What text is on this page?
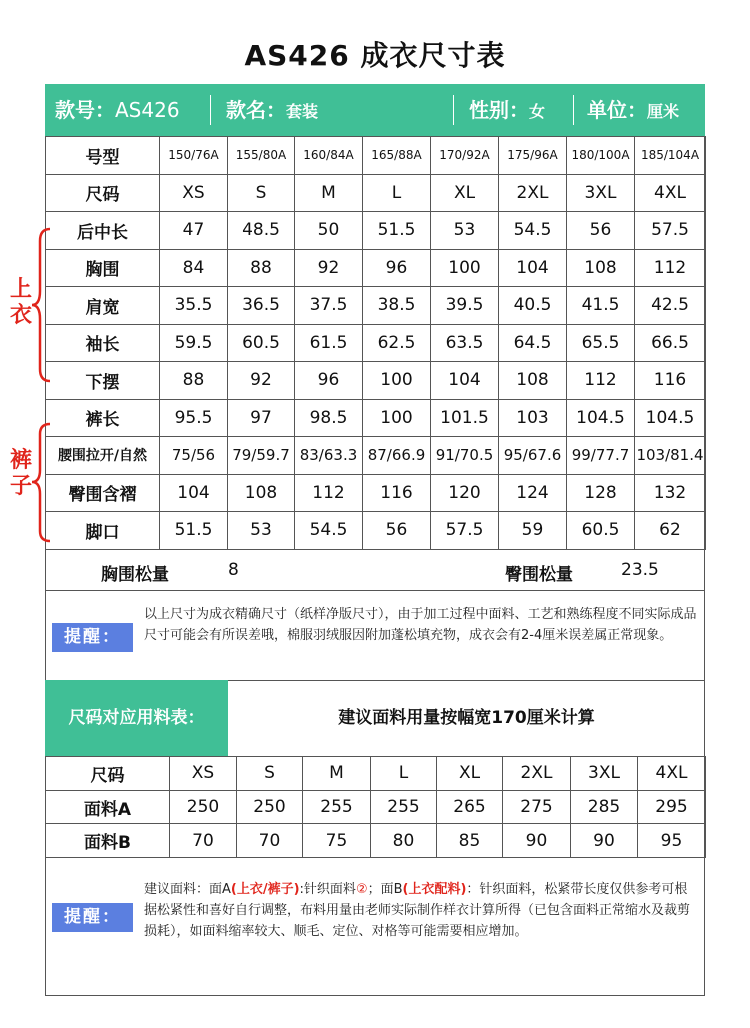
AS426 成衣尺寸表
款号：AS426 款名：套装	性别：女 单位：厘米
号型	150/76A	155/80A	160/84A	165/88A	170/92A	175/96A	180/100A	185/104A
尺码	XS	S	M	L	XL	2XL	3XL	4XL
后中长	47	48.5	50	51.5	53	54.5	56	57.5
胸围	84	88	92	96	100	104	108	112
肩宽	35.5	36.5	37.5	38.5	39.5	40.5	41.5	42.5
袖长	59.5	60.5	61.5	62.5	63.5	64.5	65.5	66.5
下摆	88	92	96	100	104	108	112	116
裤长	95.5	97	98.5	100	101.5	103	104.5	104.5
腰围拉开/自然	75/56	79/59.7	83/63.3	87/66.9	91/70.5	95/67.6	99/77.7	103/81.4
臀围含褶	104	108	112	116	120	124	128	132
脚口	51.5	53	54.5	56	57.5	59	60.5	62
上衣
裤子
胸围松量	8	臀围松量	23.5
提醒：
以上尺寸为成衣精确尺寸（纸样净版尺寸），由于加工过程中面料、工艺和熟练程度不同实际成品尺寸可能会有所误差哦，棉服羽绒服因附加蓬松填充物，成衣会有2-4厘米误差属正常现象。
尺码对应用料表：	建议面料用量按幅宽170厘米计算
尺码	XS	S	M	L	XL	2XL	3XL	4XL
面料A	250	250	255	255	265	275	285	295
面料B	70	70	75	80	85	90	90	95
提醒：
建议面料：面A(上衣/裤子):针织面料②；面B(上衣配料)：针织面料，松紧带长度仅供参考可根据松紧性和喜好自行调整，布料用量由老师实际制作样衣计算所得（已包含面料正常缩水及裁剪损耗），如面料缩率较大、顺毛、定位、对格等可能需要相应增加。
